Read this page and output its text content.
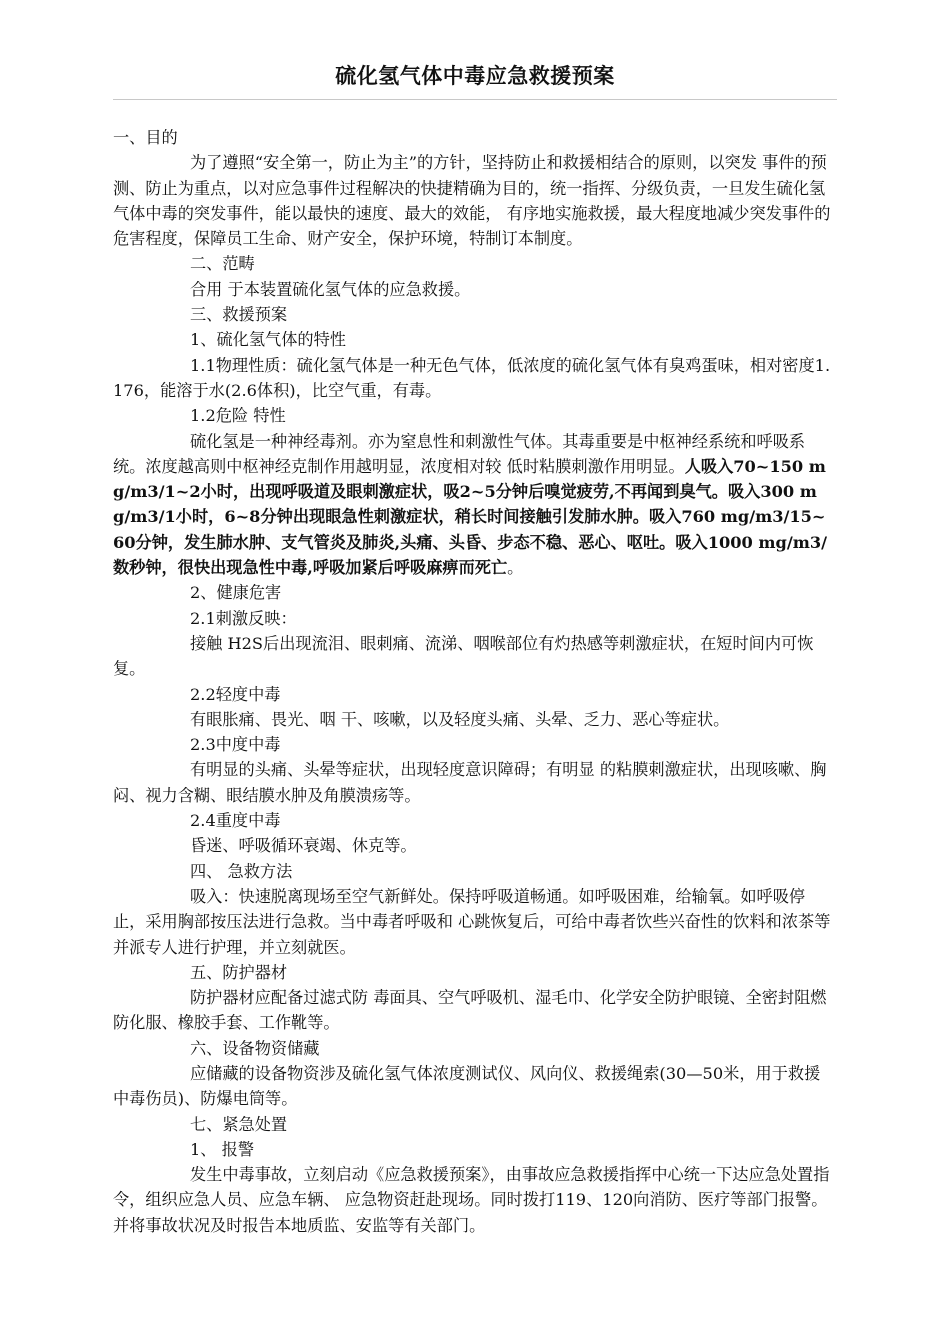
硫化氢气体中毒应急救援预案

一、目的

为了遵照“安全第一，防止为主”的方针，坚持防止和救援相结合的原则，以突发 事件的预测、防止为重点，以对应急事件过程解决的快捷精确为目的，统一指挥、分级负责，一旦发生硫化氢气体中毒的突发事件，能以最快的速度、最大的效能， 有序地实施救援，最大程度地减少突发事件的危害程度，保障员工生命、财产安全，保护环境，特制订本制度。

二、范畴

合用 于本装置硫化氢气体的应急救援。

三、救援预案

1、硫化氢气体的特性

1.1物理性质：硫化氢气体是一种无色气体，低浓度的硫化氢气体有臭鸡蛋味，相对密度1.176，能溶于水(2.6体积)，比空气重，有毒。

1.2危险 特性

硫化氢是一种神经毒剂。亦为窒息性和刺激性气体。其毒重要是中枢神经系统和呼吸系统。浓度越高则中枢神经克制作用越明显，浓度相对较 低时粘膜刺激作用明显。人吸入70~150 mg/m3/1~2小时，出现呼吸道及眼刺激症状，吸2~5分钟后嗅觉疲劳,不再闻到臭气。吸入300 mg/m3/1小时，6~8分钟出现眼急性刺激症状，稍长时间接触引发肺水肿。吸入760 mg/m3/15~60分钟，发生肺水肿、支气管炎及肺炎,头痛、头昏、步态不稳、恶心、呕吐。吸入1000 mg/m3/数秒钟，很快出现急性中毒,呼吸加紧后呼吸麻痹而死亡。

2、健康危害

2.1刺激反映：

接触 H2S后出现流泪、眼刺痛、流涕、咽喉部位有灼热感等刺激症状，在短时间内可恢复。

2.2轻度中毒

有眼胀痛、畏光、咽 干、咳嗽，以及轻度头痛、头晕、乏力、恶心等症状。

2.3中度中毒

有明显的头痛、头晕等症状，出现轻度意识障碍；有明显 的粘膜刺激症状，出现咳嗽、胸闷、视力含糊、眼结膜水肿及角膜溃疡等。

2.4重度中毒

昏迷、呼吸循环衰竭、休克等。

四、 急救方法

吸入：快速脱离现场至空气新鲜处。保持呼吸道畅通。如呼吸困难，给输氧。如呼吸停止，采用胸部按压法进行急救。当中毒者呼吸和 心跳恢复后，可给中毒者饮些兴奋性的饮料和浓茶等并派专人进行护理，并立刻就医。

五、防护器材

防护器材应配备过滤式防 毒面具、空气呼吸机、湿毛巾、化学安全防护眼镜、全密封阻燃防化服、橡胶手套、工作靴等。

六、设备物资储藏

应储藏的设备物资涉及硫化氢气体浓度测试仪、风向仪、救援绳索(30—50米，用于救援中毒伤员)、防爆电筒等。

七、紧急处置

1、 报警

发生中毒事故，立刻启动《应急救援预案》，由事故应急救援指挥中心统一下达应急处置指令，组织应急人员、应急车辆、 应急物资赶赴现场。同时拨打119、120向消防、医疗等部门报警。并将事故状况及时报告本地质监、安监等有关部门。
